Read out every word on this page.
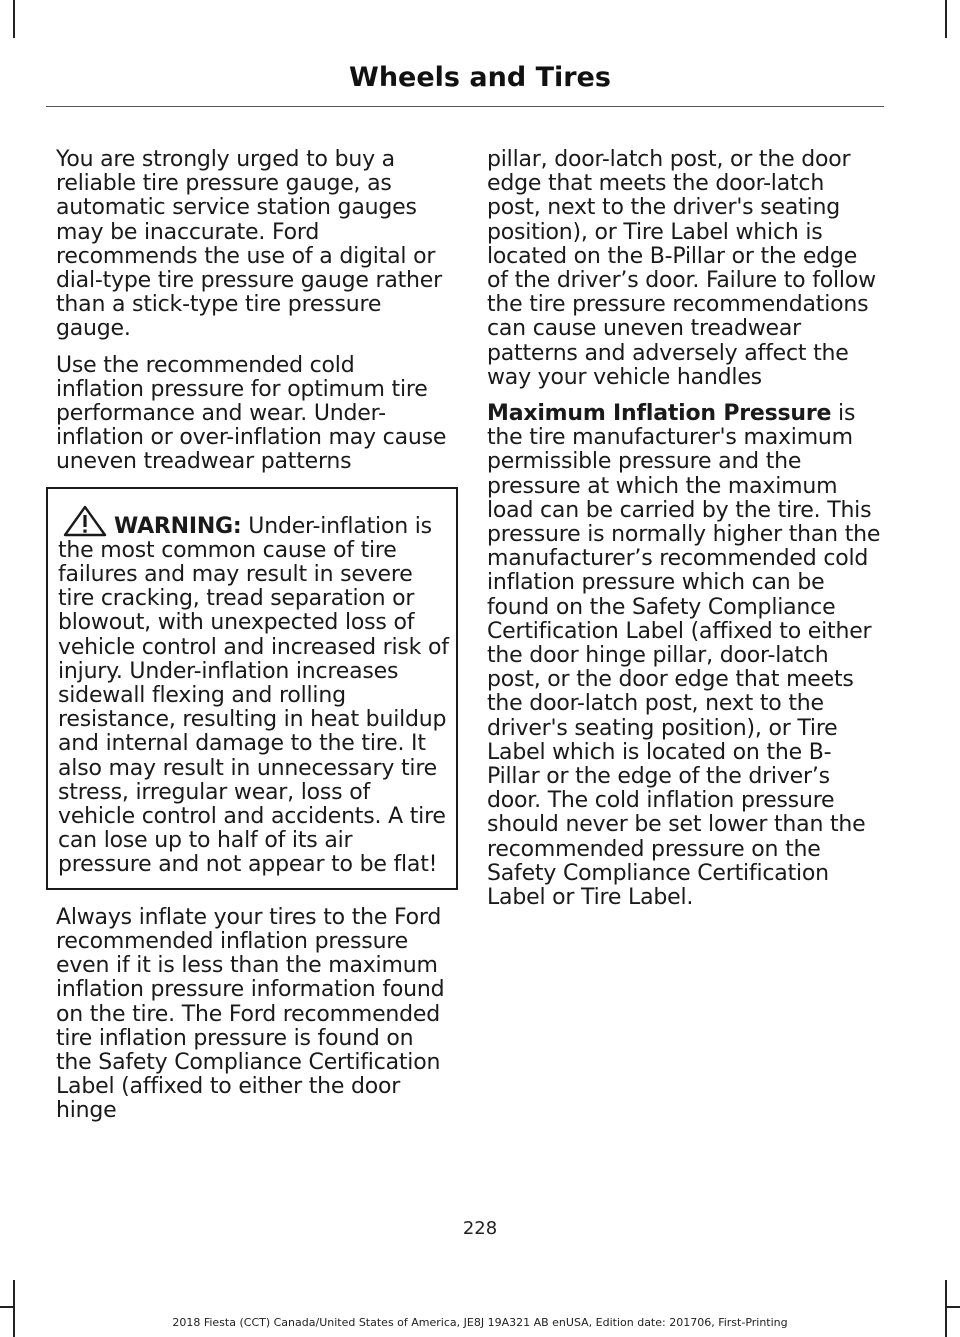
Wheels and Tires

You are strongly urged to buy a reliable tire pressure gauge, as automatic service station gauges may be inaccurate. Ford recommends the use of a digital or dial-type tire pressure gauge rather than a stick-type tire pressure gauge.

Use the recommended cold inflation pressure for optimum tire performance and wear. Under-inflation or over-inflation may cause uneven treadwear patterns

WARNING: Under-inflation is the most common cause of tire failures and may result in severe tire cracking, tread separation or blowout, with unexpected loss of vehicle control and increased risk of injury. Under-inflation increases sidewall flexing and rolling resistance, resulting in heat buildup and internal damage to the tire. It also may result in unnecessary tire stress, irregular wear, loss of vehicle control and accidents. A tire can lose up to half of its air pressure and not appear to be flat!

Always inflate your tires to the Ford recommended inflation pressure even if it is less than the maximum inflation pressure information found on the tire. The Ford recommended tire inflation pressure is found on the Safety Compliance Certification Label (affixed to either the door hinge

pillar, door-latch post, or the door edge that meets the door-latch post, next to the driver's seating position), or Tire Label which is located on the B-Pillar or the edge of the driver’s door. Failure to follow the tire pressure recommendations can cause uneven treadwear patterns and adversely affect the way your vehicle handles

Maximum Inflation Pressure is the tire manufacturer's maximum permissible pressure and the pressure at which the maximum load can be carried by the tire. This pressure is normally higher than the manufacturer’s recommended cold inflation pressure which can be found on the Safety Compliance Certification Label (affixed to either the door hinge pillar, door-latch post, or the door edge that meets the door-latch post, next to the driver's seating position), or Tire Label which is located on the B-Pillar or the edge of the driver’s door. The cold inflation pressure should never be set lower than the recommended pressure on the Safety Compliance Certification Label or Tire Label.

228
2018 Fiesta (CCT) Canada/United States of America, JE8J 19A321 AB enUSA, Edition date: 201706, First-Printing
